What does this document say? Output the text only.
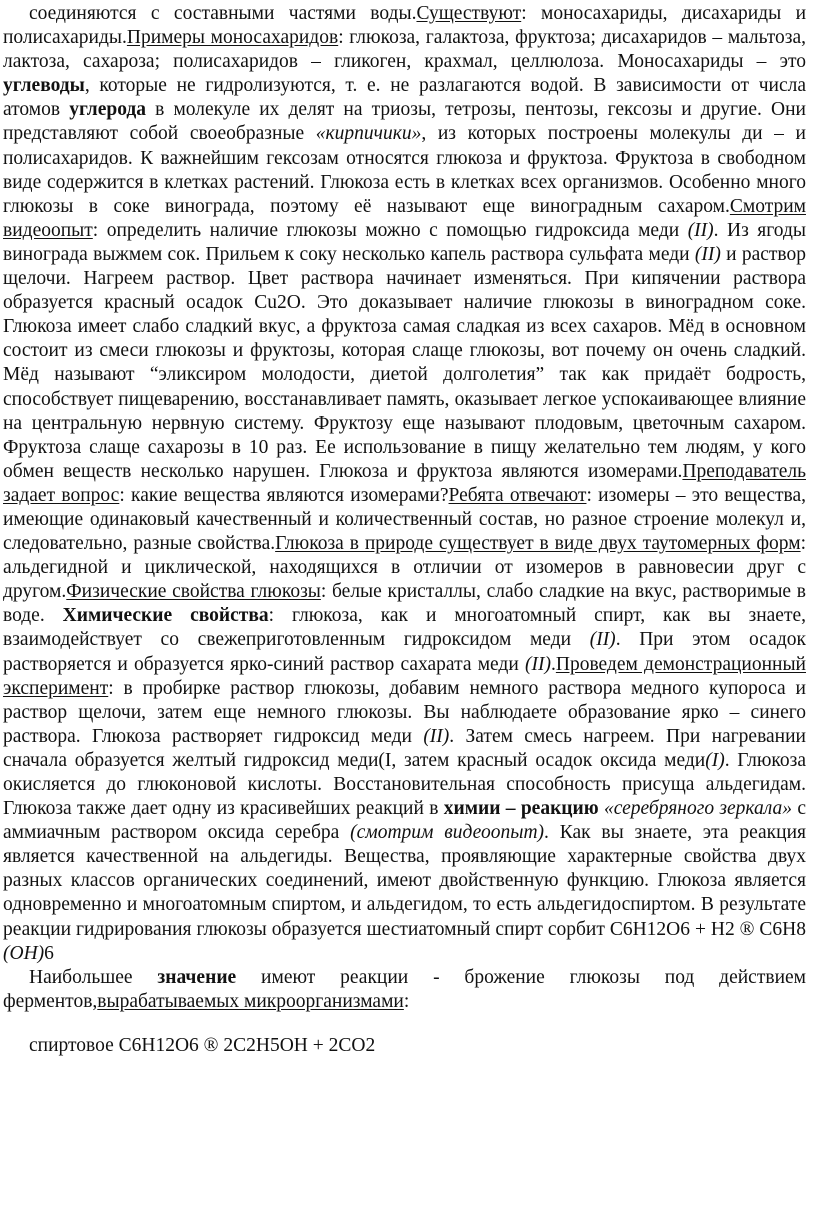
соединяются с составными частями воды.Существуют: моносахариды, дисахариды и полисахариды.Примеры моносахаридов: глюкоза, галактоза, фруктоза; дисахаридов – мальтоза, лактоза, сахароза; полисахаридов – гликоген, крахмал, целлюлоза. Моносахариды – это углеводы, которые не гидролизуются, т. е. не разлагаются водой. В зависимости от числа атомов углерода в молекуле их делят на триозы, тетрозы, пентозы, гексозы и другие. Они представляют собой своеобразные «кирпичики», из которых построены молекулы ди – и полисахаридов. К важнейшим гексозам относятся глюкоза и фруктоза. Фруктоза в свободном виде содержится в клетках растений. Глюкоза есть в клетках всех организмов. Особенно много глюкозы в соке винограда, поэтому её называют еще виноградным сахаром.Смотрим видеоопыт: определить наличие глюкозы можно с помощью гидроксида меди (II). Из ягоды винограда выжмем сок. Прильем к соку несколько капель раствора сульфата меди (II) и раствор щелочи. Нагреем раствор. Цвет раствора начинает изменяться. При кипячении раствора образуется красный осадок Cu2O. Это доказывает наличие глюкозы в виноградном соке. Глюкоза имеет слабо сладкий вкус, а фруктоза самая сладкая из всех сахаров. Мёд в основном состоит из смеси глюкозы и фруктозы, которая слаще глюкозы, вот почему он очень сладкий. Мёд называют “эликсиром молодости, диетой долголетия” так как придаёт бодрость, способствует пищеварению, восстанавливает память, оказывает легкое успокаивающее влияние на центральную нервную систему. Фруктозу еще называют плодовым, цветочным сахаром. Фруктоза слаще сахарозы в 10 раз. Ее использование в пищу желательно тем людям, у кого обмен веществ несколько нарушен. Глюкоза и фруктоза являются изомерами.Преподаватель задает вопрос: какие вещества являются изомерами?Ребята отвечают: изомеры – это вещества, имеющие одинаковый качественный и количественный состав, но разное строение молекул и, следовательно, разные свойства.Глюкоза в природе существует в виде двух таутомерных форм: альдегидной и циклической, находящихся в отличии от изомеров в равновесии друг с другом.Физические свойства глюкозы: белые кристаллы, слабо сладкие на вкус, растворимые в воде. Химические свойства: глюкоза, как и многоатомный спирт, как вы знаете, взаимодействует со свежеприготовленным гидроксидом меди (II). При этом осадок растворяется и образуется ярко-синий раствор сахарата меди (II).Проведем демонстрационный эксперимент: в пробирке раствор глюкозы, добавим немного раствора медного купороса и раствор щелочи, затем еще немного глюкозы. Вы наблюдаете образование ярко – синего раствора. Глюкоза растворяет гидроксид меди (II). Затем смесь нагреем. При нагревании сначала образуется желтый гидроксид меди(I, затем красный осадок оксида меди(I). Глюкоза окисляется до глюконовой кислоты. Восстановительная способность присуща альдегидам. Глюкоза также дает одну из красивейших реакций в химии – реакцию «серебряного зеркала» с аммиачным раствором оксида серебра (смотрим видеоопыт). Как вы знаете, эта реакция является качественной на альдегиды. Вещества, проявляющие характерные свойства двух разных классов органических соединений, имеют двойственную функцию. Глюкоза является одновременно и многоатомным спиртом, и альдегидом, то есть альдегидоспиртом. В результате реакции гидрирования глюкозы образуется шестиатомный спирт сорбит C6H12O6 + H2 ® C6H8 (OH)6

Наибольшее значение имеют реакции - брожение глюкозы под действием ферментов,вырабатываемых микроорганизмами:

спиртовое C6H12O6 ® 2C2H5OH + 2CO2
